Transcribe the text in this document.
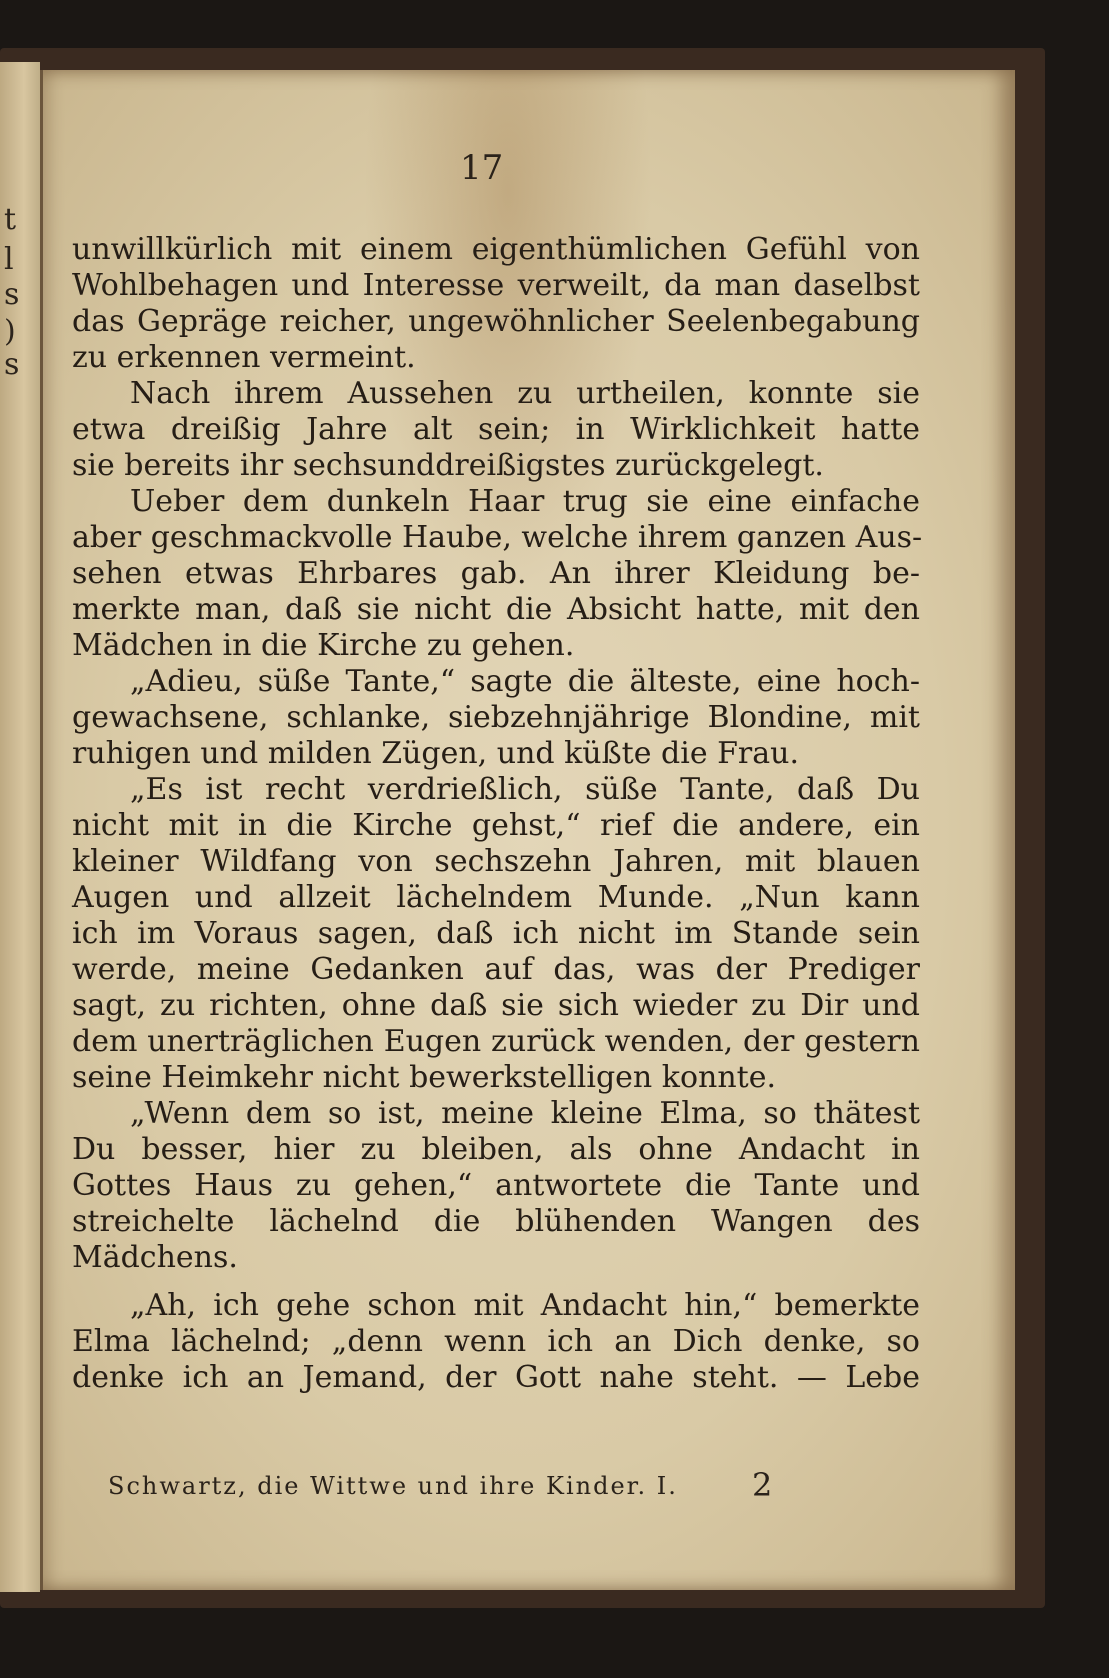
t
l
s
)
s
17
unwillkürlich mit einem eigenthümlichen Gefühl von
Wohlbehagen und Interesse verweilt, da man daselbst
das Gepräge reicher, ungewöhnlicher Seelenbegabung
zu erkennen vermeint.
Nach ihrem Aussehen zu urtheilen, konnte sie
etwa dreißig Jahre alt sein; in Wirklichkeit hatte
sie bereits ihr sechsunddreißigstes zurückgelegt.
Ueber dem dunkeln Haar trug sie eine einfache
aber geschmackvolle Haube, welche ihrem ganzen Aus-
sehen etwas Ehrbares gab. An ihrer Kleidung be-
merkte man, daß sie nicht die Absicht hatte, mit den
Mädchen in die Kirche zu gehen.
„Adieu, süße Tante,“ sagte die älteste, eine hoch-
gewachsene, schlanke, siebzehnjährige Blondine, mit
ruhigen und milden Zügen, und küßte die Frau.
„Es ist recht verdrießlich, süße Tante, daß Du
nicht mit in die Kirche gehst,“ rief die andere, ein
kleiner Wildfang von sechszehn Jahren, mit blauen
Augen und allzeit lächelndem Munde. „Nun kann
ich im Voraus sagen, daß ich nicht im Stande sein
werde, meine Gedanken auf das, was der Prediger
sagt, zu richten, ohne daß sie sich wieder zu Dir und
dem unerträglichen Eugen zurück wenden, der gestern
seine Heimkehr nicht bewerkstelligen konnte.
„Wenn dem so ist, meine kleine Elma, so thätest
Du besser, hier zu bleiben, als ohne Andacht in
Gottes Haus zu gehen,“ antwortete die Tante und
streichelte lächelnd die blühenden Wangen des
Mädchens.
„Ah, ich gehe schon mit Andacht hin,“ bemerkte
Elma lächelnd; „denn wenn ich an Dich denke, so
denke ich an Jemand, der Gott nahe steht. — Lebe
Schwartz, die Wittwe und ihre Kinder. I. 2
